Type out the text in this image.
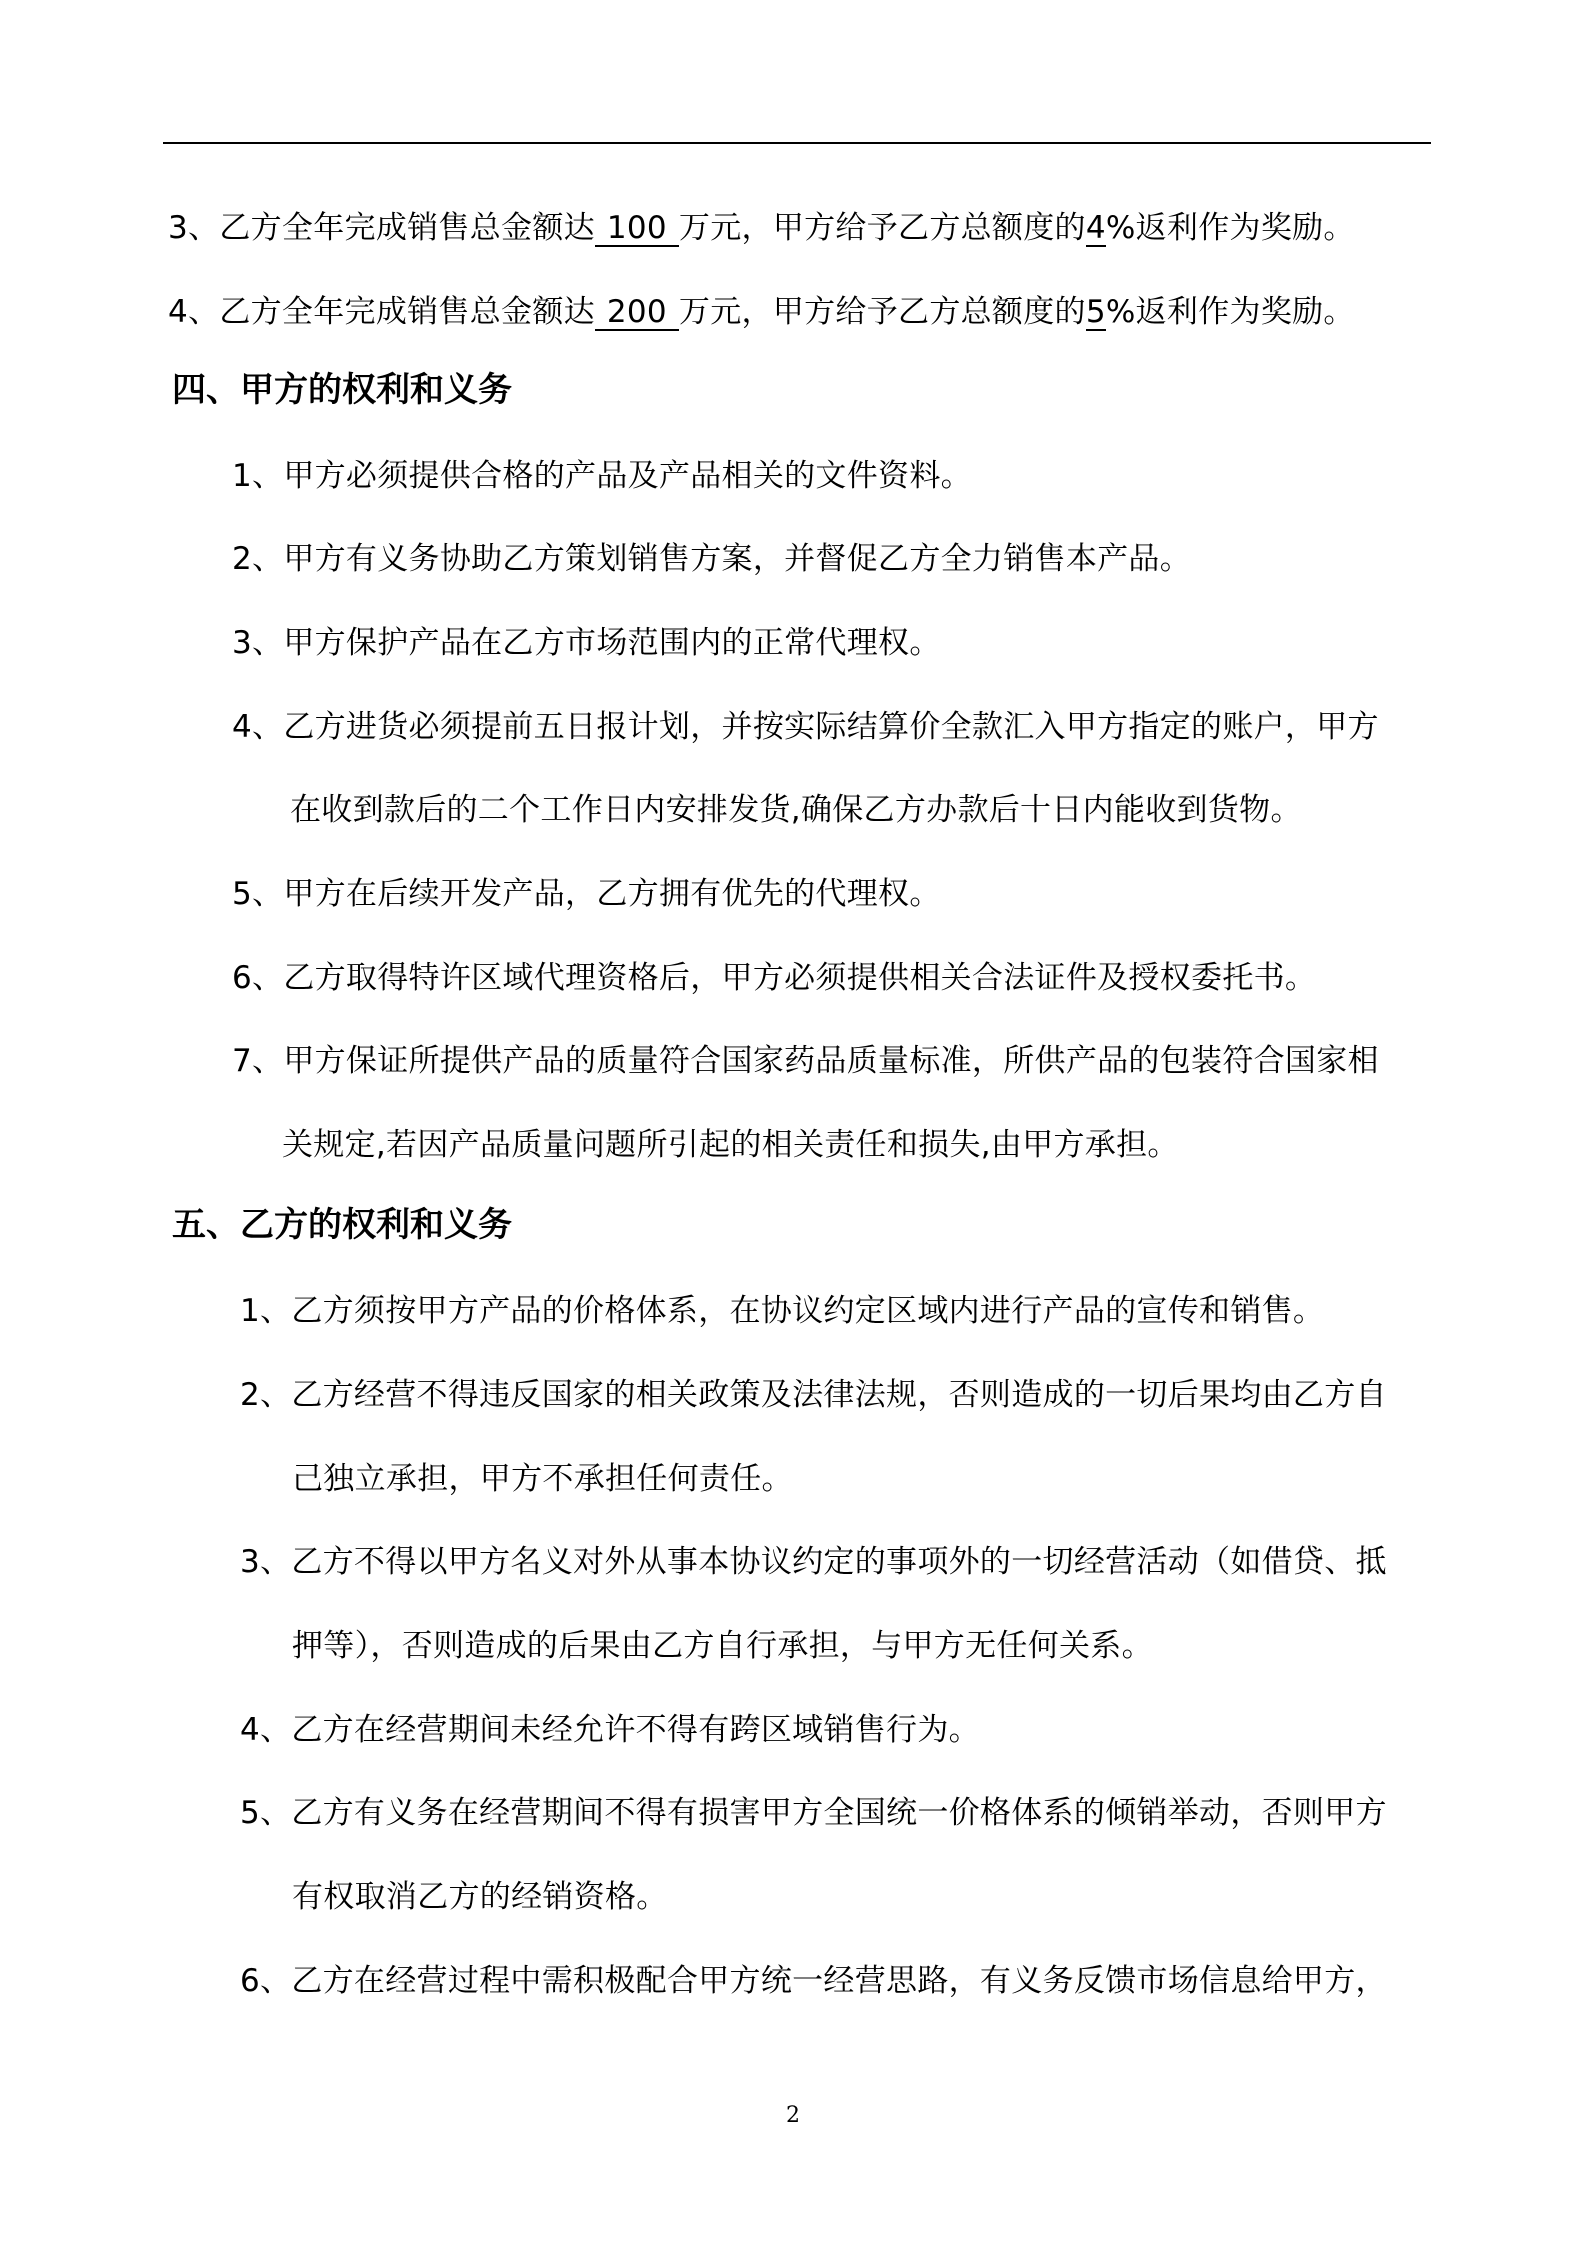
3、乙方全年完成销售总金额达 100 万元，甲方给予乙方总额度的4%返利作为奖励。
4、乙方全年完成销售总金额达 200 万元，甲方给予乙方总额度的5%返利作为奖励。
四、甲方的权利和义务
1、甲方必须提供合格的产品及产品相关的文件资料。
2、甲方有义务协助乙方策划销售方案，并督促乙方全力销售本产品。
3、甲方保护产品在乙方市场范围内的正常代理权。
4、乙方进货必须提前五日报计划，并按实际结算价全款汇入甲方指定的账户，甲方
在收到款后的二个工作日内安排发货,确保乙方办款后十日内能收到货物。
5、甲方在后续开发产品，乙方拥有优先的代理权。
6、乙方取得特许区域代理资格后，甲方必须提供相关合法证件及授权委托书。
7、甲方保证所提供产品的质量符合国家药品质量标准，所供产品的包装符合国家相
关规定,若因产品质量问题所引起的相关责任和损失,由甲方承担。
五、乙方的权利和义务
1、乙方须按甲方产品的价格体系，在协议约定区域内进行产品的宣传和销售。
2、乙方经营不得违反国家的相关政策及法律法规，否则造成的一切后果均由乙方自
己独立承担，甲方不承担任何责任。
3、乙方不得以甲方名义对外从事本协议约定的事项外的一切经营活动（如借贷、抵
押等），否则造成的后果由乙方自行承担，与甲方无任何关系。
4、乙方在经营期间未经允许不得有跨区域销售行为。
5、乙方有义务在经营期间不得有损害甲方全国统一价格体系的倾销举动，否则甲方
有权取消乙方的经销资格。
6、乙方在经营过程中需积极配合甲方统一经营思路，有义务反馈市场信息给甲方，
2
